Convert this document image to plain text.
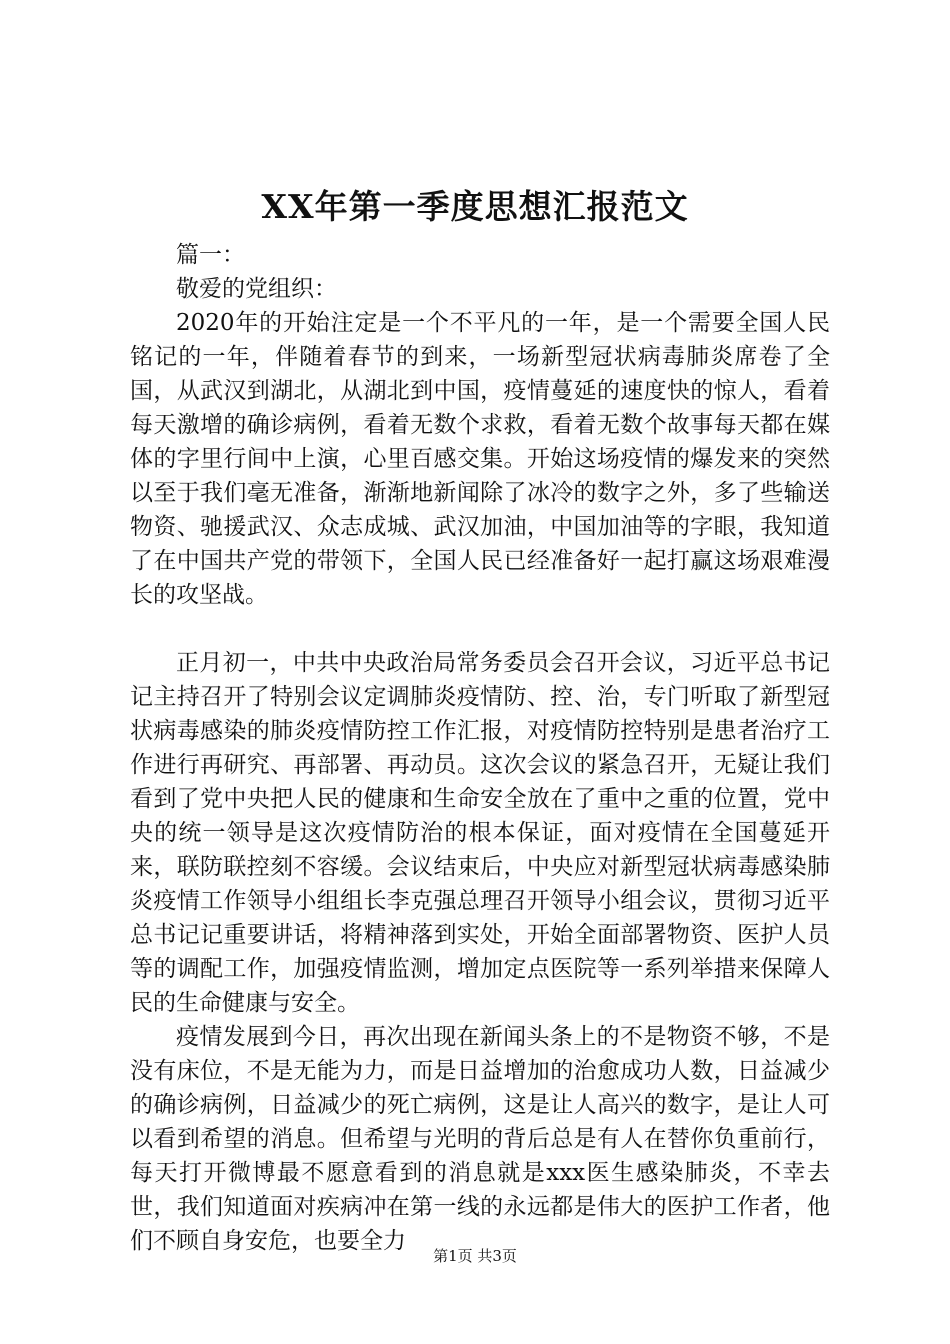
XX年第一季度思想汇报范文

篇一：

敬爱的党组织：

2020年的开始注定是一个不平凡的一年，是一个需要全国人民铭记的一年，伴随着春节的到来，一场新型冠状病毒肺炎席卷了全国，从武汉到湖北，从湖北到中国，疫情蔓延的速度快的惊人，看着每天激增的确诊病例，看着无数个求救，看着无数个故事每天都在媒体的字里行间中上演，心里百感交集。开始这场疫情的爆发来的突然以至于我们毫无准备，渐渐地新闻除了冰冷的数字之外，多了些输送物资、驰援武汉、众志成城、武汉加油，中国加油等的字眼，我知道了在中国共产党的带领下，全国人民已经准备好一起打赢这场艰难漫长的攻坚战。

正月初一，中共中央政治局常务委员会召开会议，习近平总书记记主持召开了特别会议定调肺炎疫情防、控、治，专门听取了新型冠状病毒感染的肺炎疫情防控工作汇报，对疫情防控特别是患者治疗工作进行再研究、再部署、再动员。这次会议的紧急召开，无疑让我们看到了党中央把人民的健康和生命安全放在了重中之重的位置，党中央的统一领导是这次疫情防治的根本保证，面对疫情在全国蔓延开来，联防联控刻不容缓。会议结束后，中央应对新型冠状病毒感染肺炎疫情工作领导小组组长李克强总理召开领导小组会议，贯彻习近平总书记记重要讲话，将精神落到实处，开始全面部署物资、医护人员等的调配工作，加强疫情监测，增加定点医院等一系列举措来保障人民的生命健康与安全。

疫情发展到今日，再次出现在新闻头条上的不是物资不够，不是没有床位，不是无能为力，而是日益增加的治愈成功人数，日益减少的确诊病例，日益减少的死亡病例，这是让人高兴的数字，是让人可以看到希望的消息。但希望与光明的背后总是有人在替你负重前行，每天打开微博最不愿意看到的消息就是xxx医生感染肺炎，不幸去世，我们知道面对疾病冲在第一线的永远都是伟大的医护工作者，他们不顾自身安危，也要全力

第1页 共3页
